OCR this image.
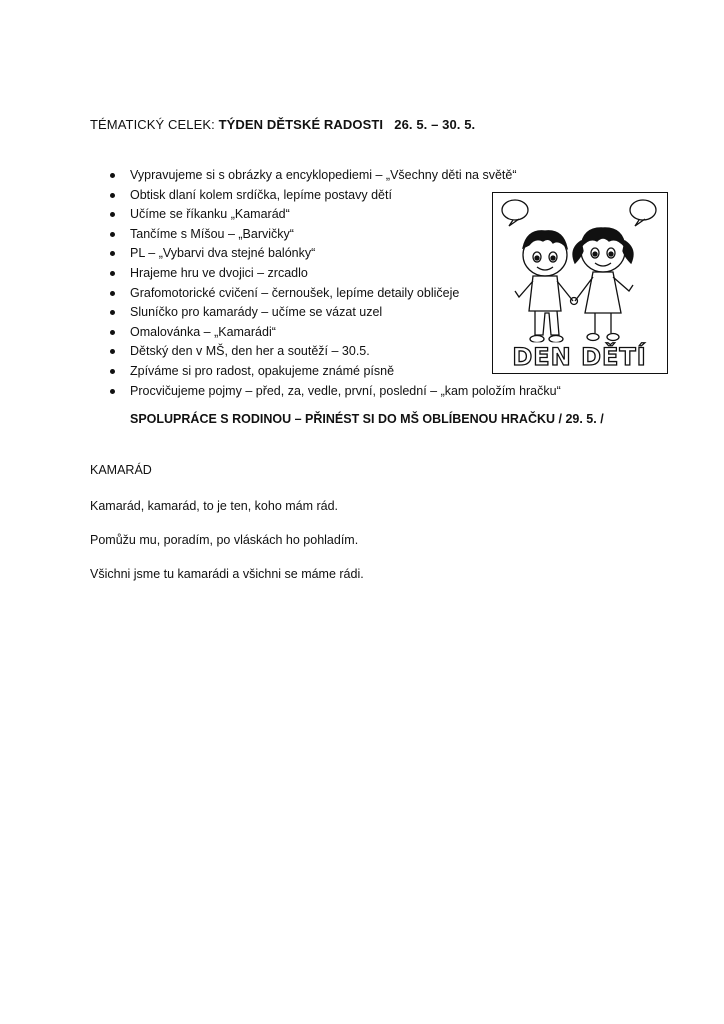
TÉMATICKÝ CELEK: TÝDEN DĚTSKÉ RADOSTI 26. 5. – 30. 5.
Vypravujeme si s obrázky a encyklopediemi – „Všechny děti na světě“
Obtisk dlaní kolem srdíčka, lepíme postavy dětí
Učíme se říkanku „Kamarád“
Tančíme s Míšou – „Barvičky“
PL – „Vybarvi dva stejné balónky“
Hrajeme hru ve dvojici – zrcadlo
Grafomotorické cvičení – černoušek, lepíme detaily obličeje
Sluníčko pro kamarády – učíme se vázat uzel
Omalovánka – „Kamarádi“
Dětský den v MŠ, den her a soutěží – 30.5.
Zpíváme si pro radost, opakujeme známé písně
Procvičujeme pojmy – před, za, vedle, první, poslední – „kam položím hračku“
DEN DĚTÍ
SPOLUPRÁCE S RODINOU – PŘINÉST SI DO MŠ OBLÍBENOU HRAČKU / 29. 5. /
KAMARÁD
Kamarád, kamarád, to je ten, koho mám rád.
Pomůžu mu, poradím, po vláskách ho pohladím.
Všichni jsme tu kamarádi a všichni se máme rádi.
